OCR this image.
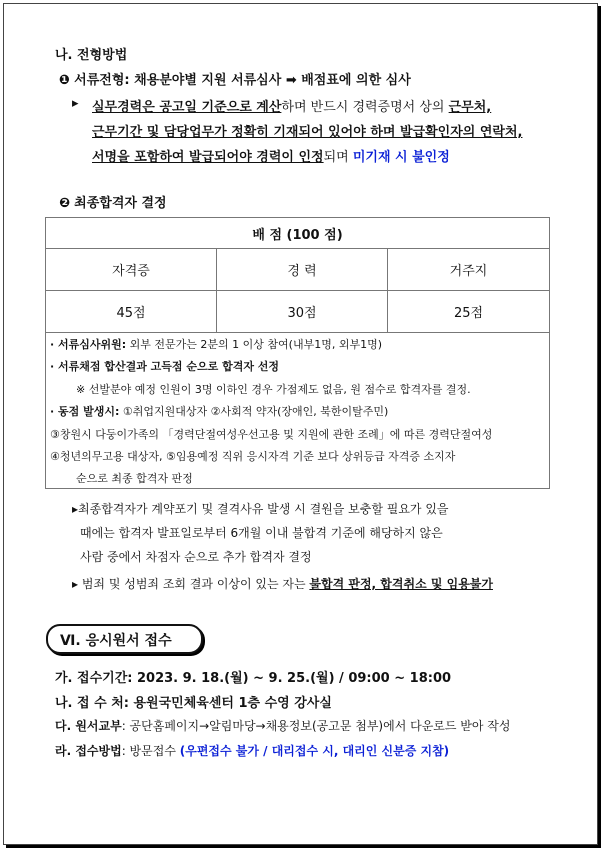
나. 전형방법
❶ 서류전형: 채용분야별 지원 서류심사 ➡ 배점표에 의한 심사
▸ 실무경력은 공고일 기준으로 계산하며 반드시 경력증명서 상의 근무처,
근무기간 및 담당업무가 정확히 기재되어 있어야 하며 발급확인자의 연락처,
서명을 포함하여 발급되어야 경력이 인정되며 미기재 시 불인정
❷ 최종합격자 결정
배 점 (100 점)		
자격증	경 력	거주지
45점	30점	25점
· 서류심사위원: 외부 전문가는 2분의 1 이상 참여(내부1명, 외부1명)
· 서류채점 합산결과 고득점 순으로 합격자 선정
※ 선발분야 예정 인원이 3명 이하인 경우 가점제도 없음, 원 점수로 합격자를 결정.
· 동점 발생시: ①취업지원대상자 ②사회적 약자(장애인, 북한이탈주민)
③창원시 다둥이가족의 「경력단절여성우선고용 및 지원에 관한 조례」에 따른 경력단절여성
④청년의무고용 대상자, ⑤임용예정 직위 응시자격 기준 보다 상위등급 자격증 소지자
순으로 최종 합격자 판정
▸최종합격자가 계약포기 및 결격사유 발생 시 결원을 보충할 필요가 있을
때에는 합격자 발표일로부터 6개월 이내 불합격 기준에 해당하지 않은
사람 중에서 차점자 순으로 추가 합격자 결정
▸ 범죄 및 성범죄 조회 결과 이상이 있는 자는 불합격 판정, 합격취소 및 임용불가
Ⅵ. 응시원서 접수
가. 접수기간: 2023. 9. 18.(월) ~ 9. 25.(월) / 09:00 ~ 18:00
나. 접 수 처: 용원국민체육센터 1층 수영 강사실
다. 원서교부: 공단홈페이지→알림마당→채용정보(공고문 첨부)에서 다운로드 받아 작성
라. 접수방법: 방문접수 (우편접수 불가 / 대리접수 시, 대리인 신분증 지참)
